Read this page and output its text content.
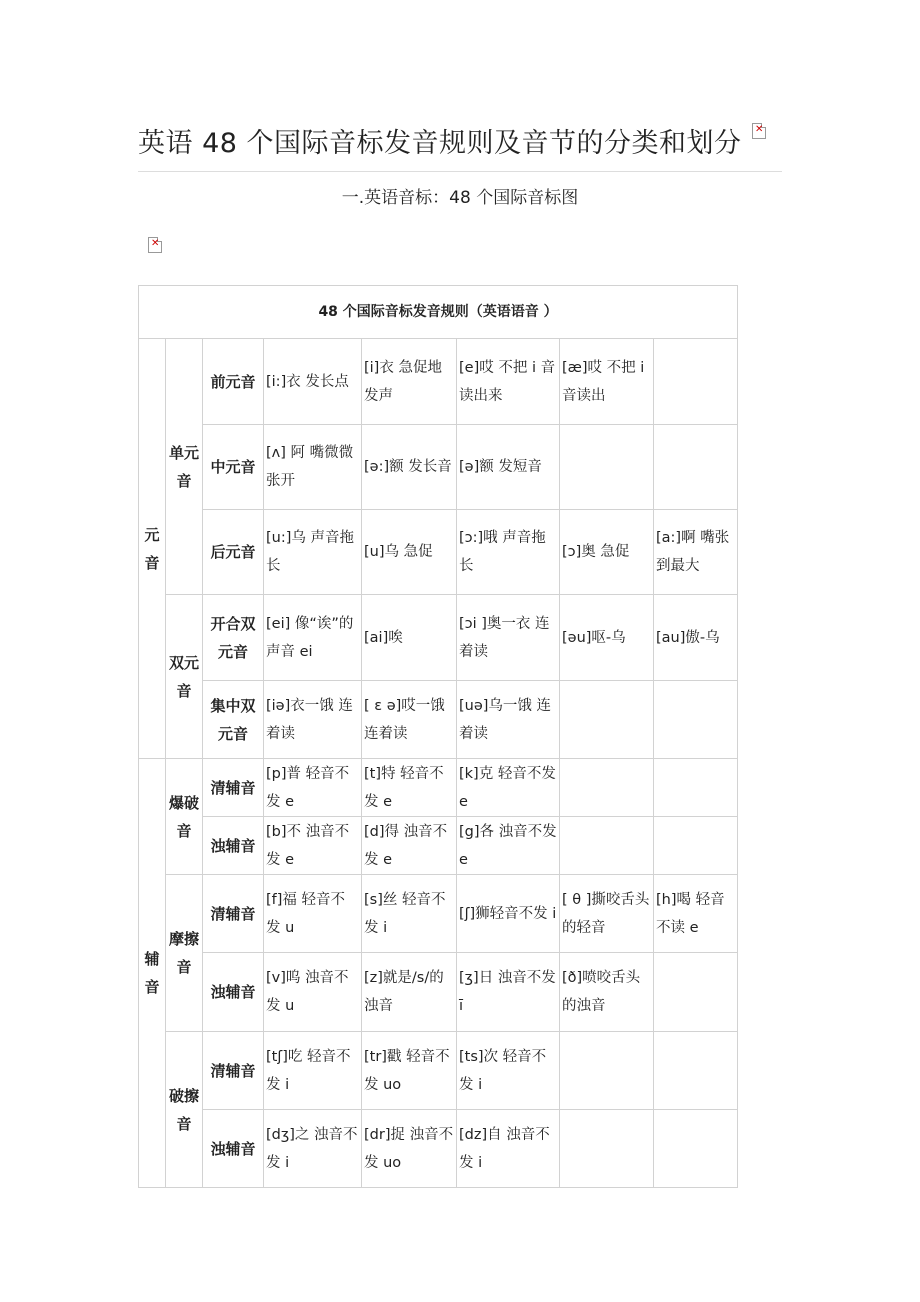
英语 48 个国际音标发音规则及音节的分类和划分
✕
一.英语音标：48 个国际音标图
✕
48 个国际音标发音规则（英语语音 ）							
元音	单元音	前元音	[i:]衣 发长点	[i]衣 急促地发声	[e]哎 不把 i 音读出来	[æ]哎 不把 i 音读出	
		中元音	[ʌ] 阿 嘴微微张开	[ə:]额 发长音	[ə]额 发短音		
		后元音	[u:]乌 声音拖长	[u]乌 急促	[ɔ:]哦 声音拖长	[ɔ]奥 急促	[a:]啊 嘴张到最大
	双元音	开合双元音	[ei] 像“诶”的声音 ei	[ai]唉	[ɔi ]奥一衣 连着读	[əu]呕-乌	[au]傲-乌
		集中双元音	[iə]衣一饿 连着读	[ ɛ ə]哎一饿 连着读	[uə]乌一饿 连着读		
辅音	爆破音	清辅音	[p]普 轻音不发 e	[t]特 轻音不发 e	[k]克 轻音不发 e		
		浊辅音	[b]不 浊音不发 e	[d]得 浊音不发 e	[g]各 浊音不发 e		
	摩擦音	清辅音	[f]福 轻音不发 u	[s]丝 轻音不发 i	[ʃ]狮轻音不发 i	[ θ ]撕咬舌头的轻音	[h]喝 轻音不读 e
		浊辅音	[v]呜 浊音不发 u	[z]就是/s/的浊音	[ʒ]日 浊音不发 ī	[ð]喷咬舌头的浊音	
	破擦音	清辅音	[tʃ]吃 轻音不发 i	[tr]戳 轻音不发 uo	[ts]次 轻音不发 i		
		浊辅音	[dʒ]之 浊音不发 i	[dr]捉 浊音不发 uo	[dz]自 浊音不发 i		
